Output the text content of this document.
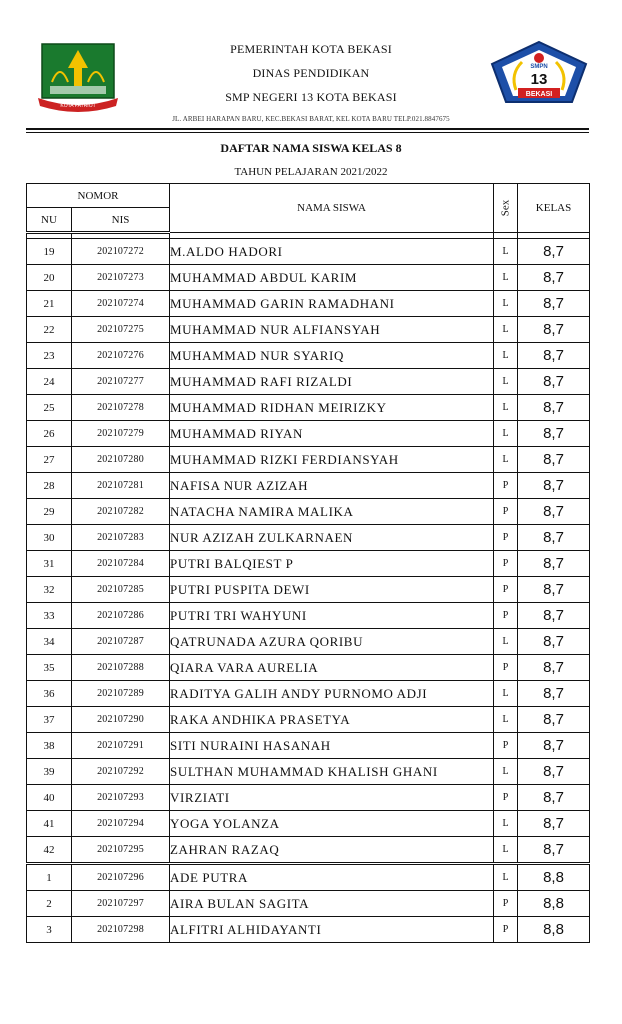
KOTA PATRIOT
PEMERINTAH KOTA BEKASI
DINAS PENDIDIKAN
SMP NEGERI 13 KOTA BEKASI
JL. ARBEI HARAPAN BARU, KEC.BEKASI BARAT, KEL KOTA BARU TELP.021.8847675
SMPN
13
BEKASI
DAFTAR NAMA SISWA KELAS 8
TAHUN PELAJARAN 2021/2022
NOMOR		NAMA SISWA	Sex	KELAS
NU	NIS			

19	202107272	M.ALDO HADORI	L	8,7
20	202107273	MUHAMMAD ABDUL KARIM	L	8,7
21	202107274	MUHAMMAD GARIN RAMADHANI	L	8,7
22	202107275	MUHAMMAD NUR ALFIANSYAH	L	8,7
23	202107276	MUHAMMAD NUR SYARIQ	L	8,7
24	202107277	MUHAMMAD RAFI RIZALDI	L	8,7
25	202107278	MUHAMMAD RIDHAN MEIRIZKY	L	8,7
26	202107279	MUHAMMAD RIYAN	L	8,7
27	202107280	MUHAMMAD RIZKI FERDIANSYAH	L	8,7
28	202107281	NAFISA NUR AZIZAH	P	8,7
29	202107282	NATACHA NAMIRA MALIKA	P	8,7
30	202107283	NUR AZIZAH ZULKARNAEN	P	8,7
31	202107284	PUTRI BALQIEST P	P	8,7
32	202107285	PUTRI PUSPITA DEWI	P	8,7
33	202107286	PUTRI TRI WAHYUNI	P	8,7
34	202107287	QATRUNADA AZURA QORIBU	L	8,7
35	202107288	QIARA VARA AURELIA	P	8,7
36	202107289	RADITYA GALIH ANDY PURNOMO ADJI	L	8,7
37	202107290	RAKA ANDHIKA PRASETYA	L	8,7
38	202107291	SITI NURAINI HASANAH	P	8,7
39	202107292	SULTHAN MUHAMMAD KHALISH GHANI	L	8,7
40	202107293	VIRZIATI	P	8,7
41	202107294	YOGA YOLANZA	L	8,7
42	202107295	ZAHRAN RAZAQ	L	8,7
1	202107296	ADE PUTRA	L	8,8
2	202107297	AIRA BULAN SAGITA	P	8,8
3	202107298	ALFITRI ALHIDAYANTI	P	8,8
